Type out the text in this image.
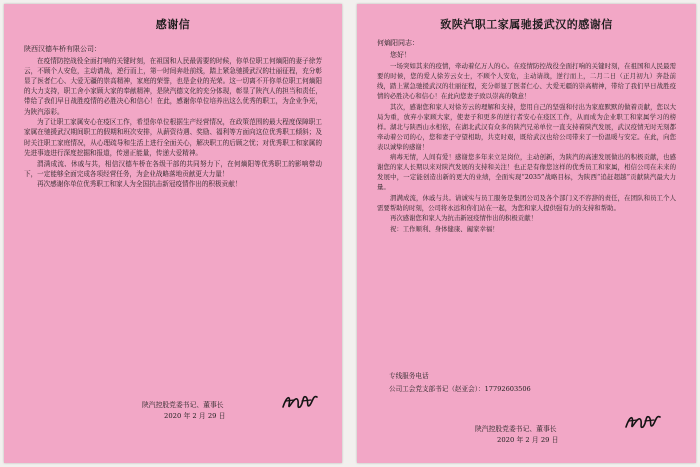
感谢信
陕西汉德车桥有限公司：

在疫情防控战役全面打响的关键时刻，在祖国和人民最需要的时候，你单位职工何熵阳的妻子徐芳云，不顾个人安危，主动请战，逆行而上，第一时间奔赴前线，踏上紧急驰援武汉的壮丽征程，充分彰显了医者仁心、大爱无疆的崇高精神，家庭的荣誉，也是企业的光荣。这一切离不开你单位职工何熵阳的大力支持，职工舍小家顾大家的奉献精神，是陕汽德文化的充分体现，彰显了陕汽人的担当和责任，带给了我们早日战胜疫情的必胜决心和信心！在此，感谢你单位培养出这么优秀的职工，为企业争光，为陕汽添彩。

为了让职工家属安心在疫区工作，希望你单位根据生产经营情况，在政策范围的最大程度保障职工家属在驰援武汉期间职工的假期和班次安排，从薪资待遇、奖励、福利等方面向这位优秀职工倾斜；及时关注职工家庭情况，从心理疏导和生活上进行全面关心，解决职工的后顾之忧；对优秀职工和家属的先进事迹进行深度挖掘和报道，传递正能量，传递大爱精神。

渭满成流、休戚与共，相信汉德车桥在各级干部的共同努力下，在何熵阳等优秀职工的影响带动下，一定能够全面完成各项经营任务，为企业战略落地贡献更大力量！

再次感谢你单位优秀职工和家人为全国抗击新冠疫情作出的积极贡献！

陕汽控股党委书记、董事长
2020 年 2 月 29 日
致陕汽职工家属驰援武汉的感谢信
何熵阳同志：
您好！

一场突如其来的疫情，牵动着亿万人的心。在疫情防控战役全面打响的关键时刻，在祖国和人民最需要的时候，您的爱人徐芳云女士，不顾个人安危，主动请战，逆行而上，二月二日（正月初九）奔赴前线，踏上紧急驰援武汉的壮丽征程，充分彰显了医者仁心、大爱无疆的崇高精神，带给了我们早日战胜疫情的必胜决心和信心！在此向您妻子致以崇高的敬意！

其次，感谢您和家人对徐芳云的理解和支持，您用自己的坚强和付出为家庭默默的做着贡献，您以大局为重，放弃小家顾大家，使妻子和更多的逆行者安心在疫区工作，从而成为企业职工和家属学习的榜样。湖北与陕西山水相依，在湖北武汉有众多的陕汽兄弟单位一直支持着陕汽发展，武汉疫情无时无刻都牵动着公司的心，您和妻子守望相助，共克时艰，既给武汉也给公司带来了一份温暖与安定。在此，向您表以诚挚的感谢！

病毒无情，人间有爱！感谢您多年来立足岗位，主动创新，为陕汽的高速发展做出的积极贡献，也感谢您的家人长期以来对陕汽发展的支持和关注！也正是有像您这样的优秀员工和家属，相信公司在未来的发展中，一定能创造出新的更大的业绩，全面实现“2035”战略目标，为陕西“追赶超越”贡献陕汽最大力量。

渭满成流，休戚与共。请诚实与员工服务是集团公司及各个部门义不容辞的责任，在团队和员工个人需要帮助的时刻，公司将永远和你们站在一起，为您和家人提供强有力的支持和帮助。

再次感谢您和家人为抗击新冠疫情作出的积极贡献！

祝：工作顺利、身体健康、阖家幸福！

专线服务电话
公司工会党支部书记（赵亚会）：17792603506
陕汽控股党委书记、董事长
2020 年 2 月 29 日
